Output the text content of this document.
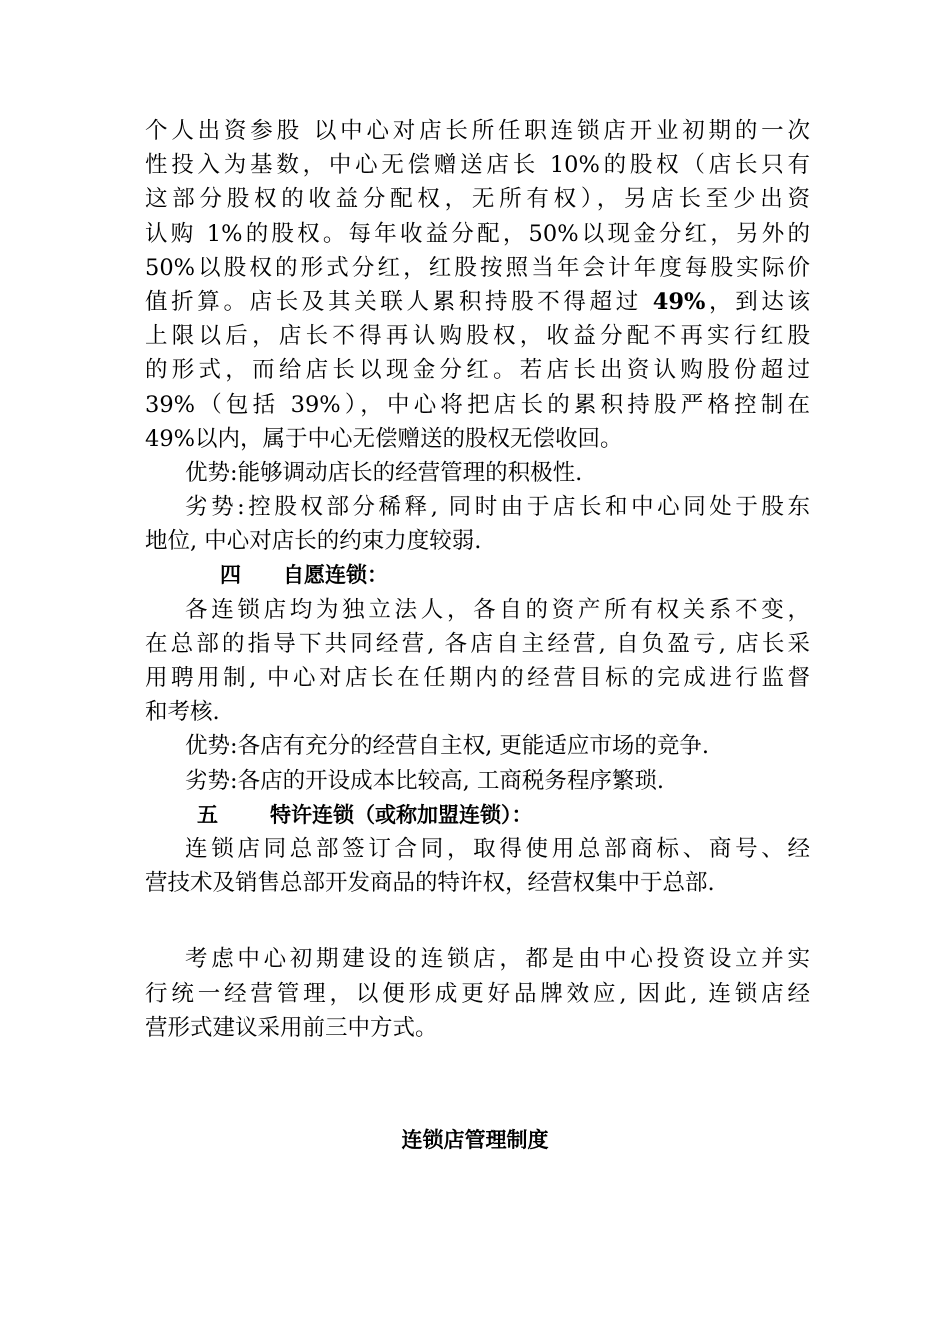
个人出资参股 以中心对店长所任职连锁店开业初期的一次
性投入为基数，中心无偿赠送店长 10%的股权（店长只有
这部分股权的收益分配权，无所有权），另店长至少出资
认购 1%的股权。每年收益分配，50%以现金分红，另外的
50%以股权的形式分红，红股按照当年会计年度每股实际价
值折算。店长及其关联人累积持股不得超过 49%，到达该
上限以后，店长不得再认购股权，收益分配不再实行红股
的形式，而给店长以现金分红。若店长出资认购股份超过
39%（包括 39%），中心将把店长的累积持股严格控制在
49%以内，属于中心无偿赠送的股权无偿收回。
优势:能够调动店长的经营管理的积极性.
劣势:控股权部分稀释, 同时由于店长和中心同处于股东
地位, 中心对店长的约束力度较弱.
四 自愿连锁：
各连锁店均为独立法人，各自的资产所有权关系不变，
在总部的指导下共同经营, 各店自主经营, 自负盈亏, 店长采
用聘用制, 中心对店长在任期内的经营目标的完成进行监督
和考核.
优势:各店有充分的经营自主权, 更能适应市场的竞争.
劣势:各店的开设成本比较高, 工商税务程序繁琐.
五 特许连锁（或称加盟连锁）：
连锁店同总部签订合同，取得使用总部商标、商号、经
营技术及销售总部开发商品的特许权，经营权集中于总部.
考虑中心初期建设的连锁店，都是由中心投资设立并实
行统一经营管理，以便形成更好品牌效应, 因此, 连锁店经
营形式建议采用前三中方式。
连锁店管理制度
